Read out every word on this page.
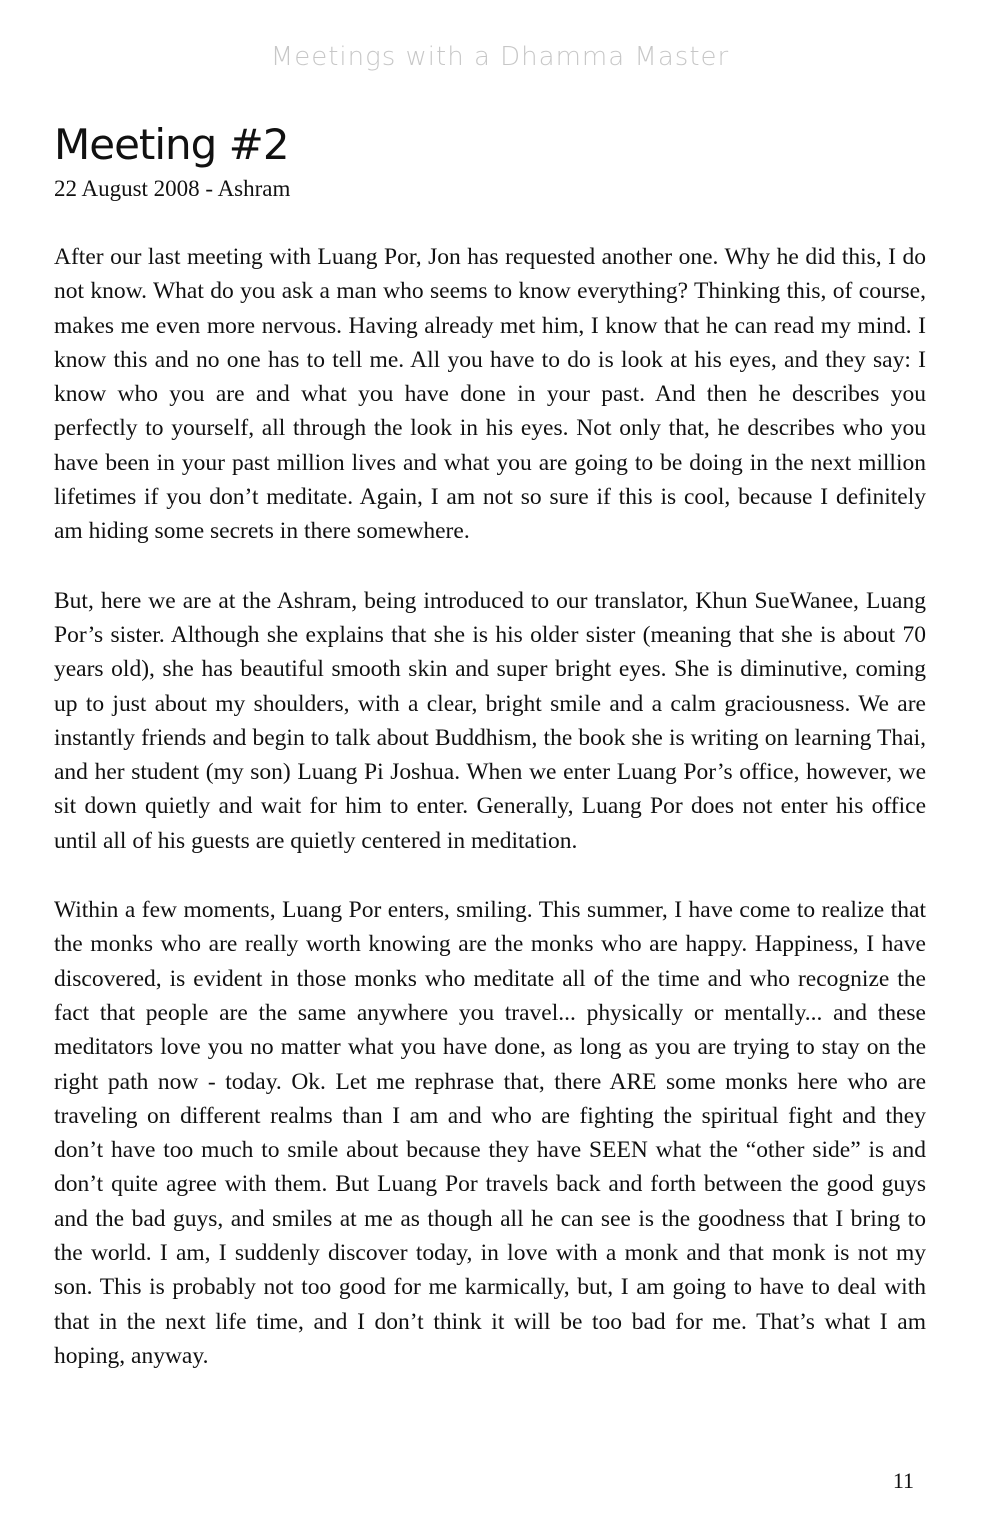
Meetings with a Dhamma Master
Meeting #2
22 August 2008 - Ashram

After our last meeting with Luang Por, Jon has requested another one. Why he did this, I do not know. What do you ask a man who seems to know everything? Thinking this, of course, makes me even more nervous. Having already met him, I know that he can read my mind. I know this and no one has to tell me. All you have to do is look at his eyes, and they say: I know who you are and what you have done in your past. And then he describes you perfectly to yourself, all through the look in his eyes. Not only that, he describes who you have been in your past million lives and what you are going to be doing in the next million lifetimes if you don’t meditate. Again, I am not so sure if this is cool, because I definitely am hiding some secrets in there somewhere.

But, here we are at the Ashram, being introduced to our translator, Khun SueWanee, Luang Por’s sister. Although she explains that she is his older sister (meaning that she is about 70 years old), she has beautiful smooth skin and super bright eyes. She is diminutive, coming up to just about my shoulders, with a clear, bright smile and a calm graciousness. We are instantly friends and begin to talk about Buddhism, the book she is writing on learning Thai, and her student (my son) Luang Pi Joshua. When we enter Luang Por’s office, however, we sit down quietly and wait for him to enter. Generally, Luang Por does not enter his office until all of his guests are quietly centered in meditation.

Within a few moments, Luang Por enters, smiling. This summer, I have come to realize that the monks who are really worth knowing are the monks who are happy. Happiness, I have discovered, is evident in those monks who meditate all of the time and who recognize the fact that people are the same anywhere you travel... physically or mentally... and these meditators love you no matter what you have done, as long as you are trying to stay on the right path now - today. Ok. Let me rephrase that, there ARE some monks here who are traveling on different realms than I am and who are fighting the spiritual fight and they don’t have too much to smile about because they have SEEN what the “other side” is and don’t quite agree with them. But Luang Por travels back and forth between the good guys and the bad guys, and smiles at me as though all he can see is the goodness that I bring to the world. I am, I suddenly discover today, in love with a monk and that monk is not my son. This is probably not too good for me karmically, but, I am going to have to deal with that in the next life time, and I don’t think it will be too bad for me. That’s what I am hoping, anyway.

11
